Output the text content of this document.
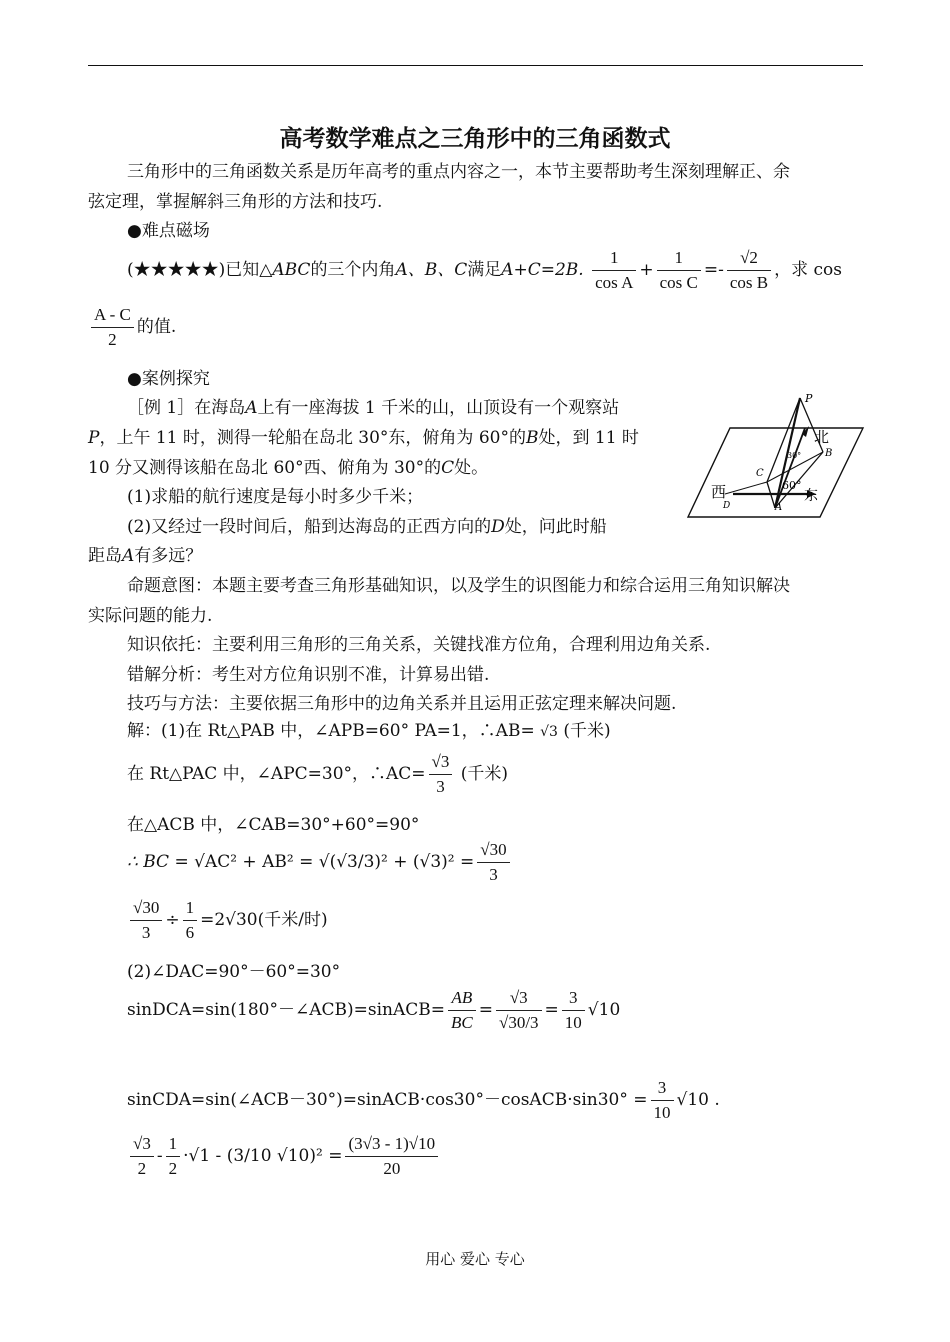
高考数学难点之三角形中的三角函数式
三角形中的三角函数关系是历年高考的重点内容之一，本节主要帮助考生深刻理解正、余
弦定理，掌握解斜三角形的方法和技巧.
●难点磁场
(★★★★★)已知△ABC的三个内角A、B、C满足A+C=2B. $\frac{1}{\text{cos A}} + \frac{1}{\text{cos C}} =- \frac{√2}{\text{cos B}}$ ，求 cos
$\frac{A - C}{2}$ 的值.
●案例探究
［例 1］在海岛A上有一座海拔 1 千米的山，山顶设有一个观察站
P，上午 11 时，测得一轮船在岛北 30°东，俯角为 60°的B处，到 11 时
10 分又测得该船在岛北 60°西、俯角为 30°的C处。
(1)求船的航行速度是每小时多少千米；
(2)又经过一段时间后，船到达海岛的正西方向的D处，问此时船
距岛A有多远？
P
北
B
30°
C
60°
西	东
D	A
命题意图：本题主要考查三角形基础知识，以及学生的识图能力和综合运用三角知识解决
实际问题的能力.
知识依托：主要利用三角形的三角关系，关键找准方位角，合理利用边角关系.
错解分析：考生对方位角识别不准，计算易出错.
技巧与方法：主要依据三角形中的边角关系并且运用正弦定理来解决问题.
解：(1)在 Rt△PAB 中，∠APB=60° PA=1，∴AB= √3 (千米)
在 Rt△PAC 中，∠APC=30°，∴AC= $\frac{√3}{3}$ (千米)
在△ACB 中，∠CAB=30°+60°=90°
∴ BC = $√AC^2 + AB^2 = √(√3/3)^2 + (√3)^2 = \frac{√30}{3}$
$\frac{√30}{3} \div \frac{1}{6} =2√30$(千米/时)
(2)∠DAC=90°－60°=30°
sinDCA=sin(180°－∠ACB)=sinACB= $\frac{AB}{BC} = \frac{√3}{√30/3} = \frac{3}{10} √10$
sinCDA=sin(∠ACB－30°)=sinACB·cos30°－cosACB·sin30° = $\frac{3}{10} √10$ .
$\frac{√3}{2} - \frac{1}{2} \cdot√1 - (3/10$ $√10)^2 = \frac{(3√3 - 1)√10}{20}$
用心 爱心 专心
